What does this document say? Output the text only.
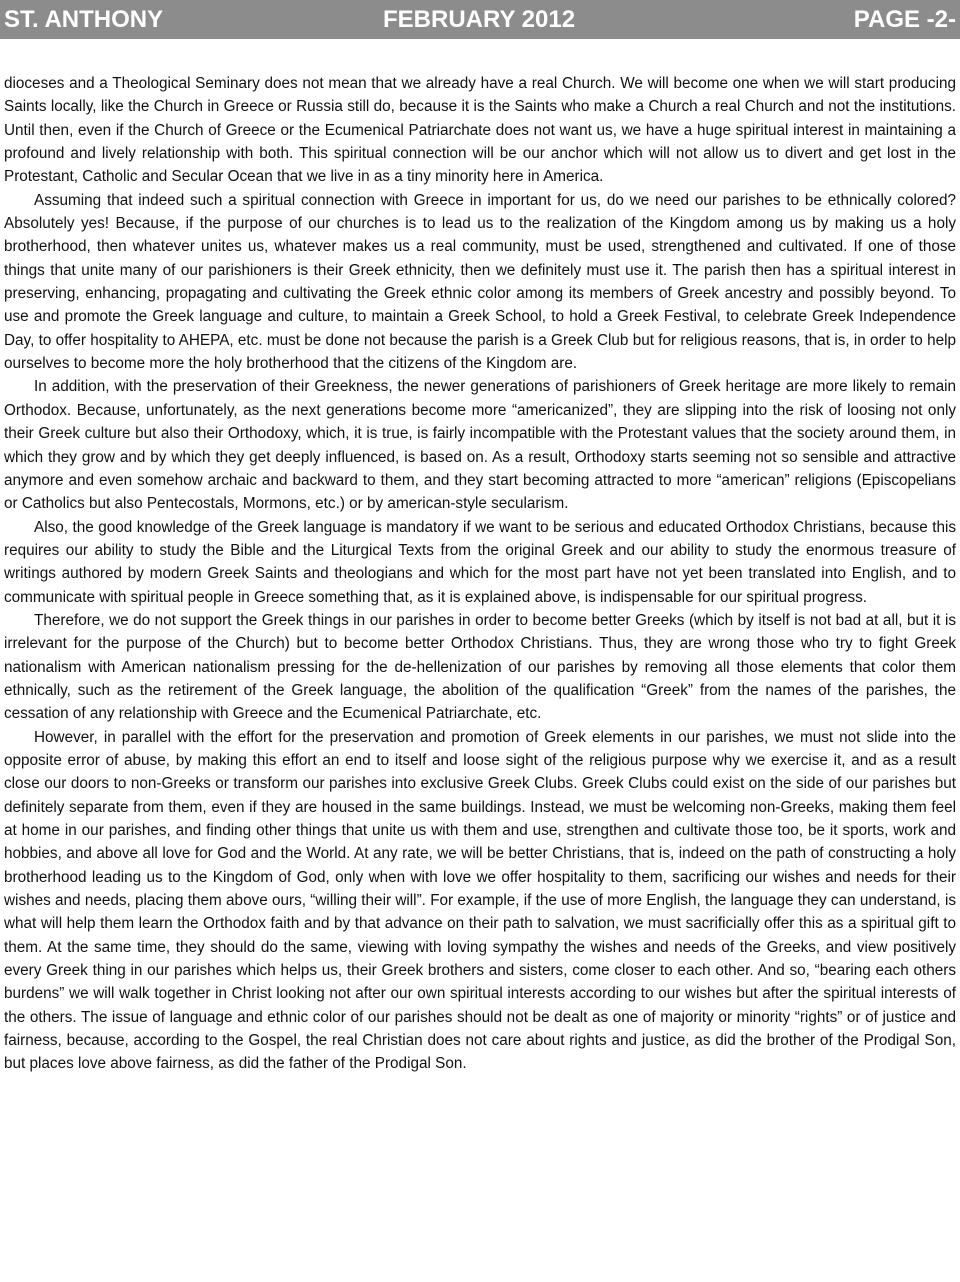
ST. ANTHONY	FEBRUARY 2012	PAGE -2-

dioceses and a Theological Seminary does not mean that we already have a real Church. We will become one when we will start producing Saints locally, like the Church in Greece or Russia still do, because it is the Saints who make a Church a real Church and not the institutions. Until then, even if the Church of Greece or the Ecumenical Patriarchate does not want us, we have a huge spiritual interest in maintaining a profound and lively relationship with both. This spiritual connection will be our anchor which will not allow us to divert and get lost in the Protestant, Catholic and Secular Ocean that we live in as a tiny minority here in America.

Assuming that indeed such a spiritual connection with Greece in important for us, do we need our parishes to be ethnically colored? Absolutely yes! Because, if the purpose of our churches is to lead us to the realization of the Kingdom among us by making us a holy brotherhood, then whatever unites us, whatever makes us a real community, must be used, strengthened and cultivated. If one of those things that unite many of our parishioners is their Greek ethnicity, then we definitely must use it. The parish then has a spiritual interest in preserving, enhancing, propagating and cultivating the Greek ethnic color among its members of Greek ancestry and possibly beyond. To use and promote the Greek language and culture, to maintain a Greek School, to hold a Greek Festival, to celebrate Greek Independence Day, to offer hospitality to AHEPA, etc. must be done not because the parish is a Greek Club but for religious reasons, that is, in order to help ourselves to become more the holy brotherhood that the citizens of the Kingdom are.

In addition, with the preservation of their Greekness, the newer generations of parishioners of Greek heritage are more likely to remain Orthodox. Because, unfortunately, as the next generations become more “americanized”, they are slipping into the risk of loosing not only their Greek culture but also their Orthodoxy, which, it is true, is fairly incompatible with the Protestant values that the society around them, in which they grow and by which they get deeply influenced, is based on. As a result, Orthodoxy starts seeming not so sensible and attractive anymore and even somehow archaic and backward to them, and they start becoming attracted to more “american” religions (Episcopelians or Catholics but also Pentecostals, Mormons, etc.) or by american-style secularism.

Also, the good knowledge of the Greek language is mandatory if we want to be serious and educated Orthodox Christians, because this requires our ability to study the Bible and the Liturgical Texts from the original Greek and our ability to study the enormous treasure of writings authored by modern Greek Saints and theologians and which for the most part have not yet been translated into English, and to communicate with spiritual people in Greece something that, as it is explained above, is indispensable for our spiritual progress.

Therefore, we do not support the Greek things in our parishes in order to become better Greeks (which by itself is not bad at all, but it is irrelevant for the purpose of the Church) but to become better Orthodox Christians. Thus, they are wrong those who try to fight Greek nationalism with American nationalism pressing for the de-hellenization of our parishes by removing all those elements that color them ethnically, such as the retirement of the Greek language, the abolition of the qualification “Greek” from the names of the parishes, the cessation of any relationship with Greece and the Ecumenical Patriarchate, etc.

However, in parallel with the effort for the preservation and promotion of Greek elements in our parishes, we must not slide into the opposite error of abuse, by making this effort an end to itself and loose sight of the religious purpose why we exercise it, and as a result close our doors to non-Greeks or transform our parishes into exclusive Greek Clubs. Greek Clubs could exist on the side of our parishes but definitely separate from them, even if they are housed in the same buildings. Instead, we must be welcoming non-Greeks, making them feel at home in our parishes, and finding other things that unite us with them and use, strengthen and cultivate those too, be it sports, work and hobbies, and above all love for God and the World. At any rate, we will be better Christians, that is, indeed on the path of constructing a holy brotherhood leading us to the Kingdom of God, only when with love we offer hospitality to them, sacrificing our wishes and needs for their wishes and needs, placing them above ours, “willing their will”. For example, if the use of more English, the language they can understand, is what will help them learn the Orthodox faith and by that advance on their path to salvation, we must sacrificially offer this as a spiritual gift to them. At the same time, they should do the same, viewing with loving sympathy the wishes and needs of the Greeks, and view positively every Greek thing in our parishes which helps us, their Greek brothers and sisters, come closer to each other. And so, “bearing each others burdens” we will walk together in Christ looking not after our own spiritual interests according to our wishes but after the spiritual interests of the others. The issue of language and ethnic color of our parishes should not be dealt as one of majority or minority “rights” or of justice and fairness, because, according to the Gospel, the real Christian does not care about rights and justice, as did the brother of the Prodigal Son, but places love above fairness, as did the father of the Prodigal Son.
